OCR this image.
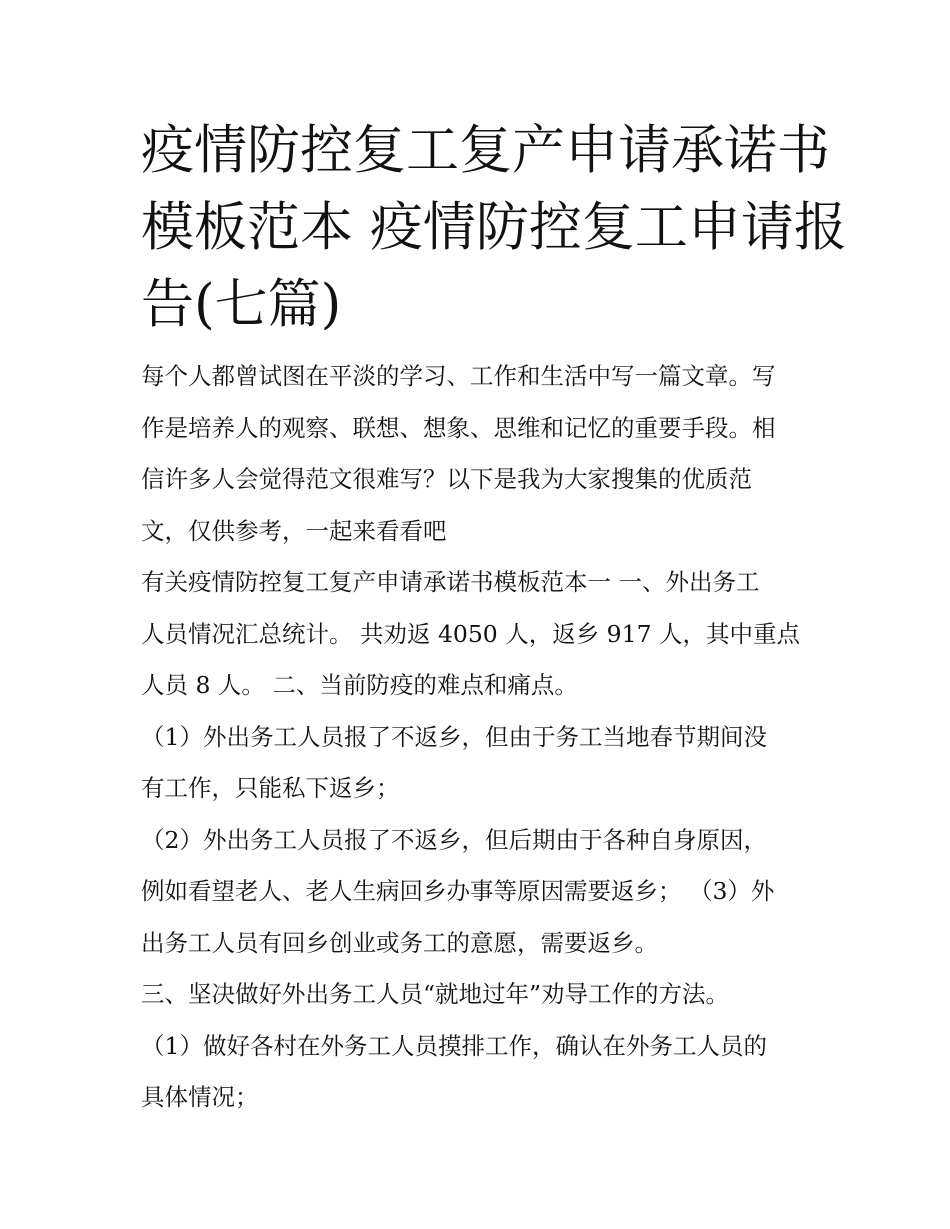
疫情防控复工复产申请承诺书
模板范本 疫情防控复工申请报
告(七篇)

每个人都曾试图在平淡的学习、工作和生活中写一篇文章。写
作是培养人的观察、联想、想象、思维和记忆的重要手段。相
信许多人会觉得范文很难写？以下是我为大家搜集的优质范
文，仅供参考，一起来看看吧

有关疫情防控复工复产申请承诺书模板范本一 一、外出务工
人员情况汇总统计。 共劝返 4050 人，返乡 917 人，其中重点
人员 8 人。 二、当前防疫的难点和痛点。

（1）外出务工人员报了不返乡，但由于务工当地春节期间没
有工作，只能私下返乡；

（2）外出务工人员报了不返乡，但后期由于各种自身原因，
例如看望老人、老人生病回乡办事等原因需要返乡； （3）外
出务工人员有回乡创业或务工的意愿，需要返乡。

三、坚决做好外出务工人员“就地过年”劝导工作的方法。

（1）做好各村在外务工人员摸排工作，确认在外务工人员的
具体情况；
